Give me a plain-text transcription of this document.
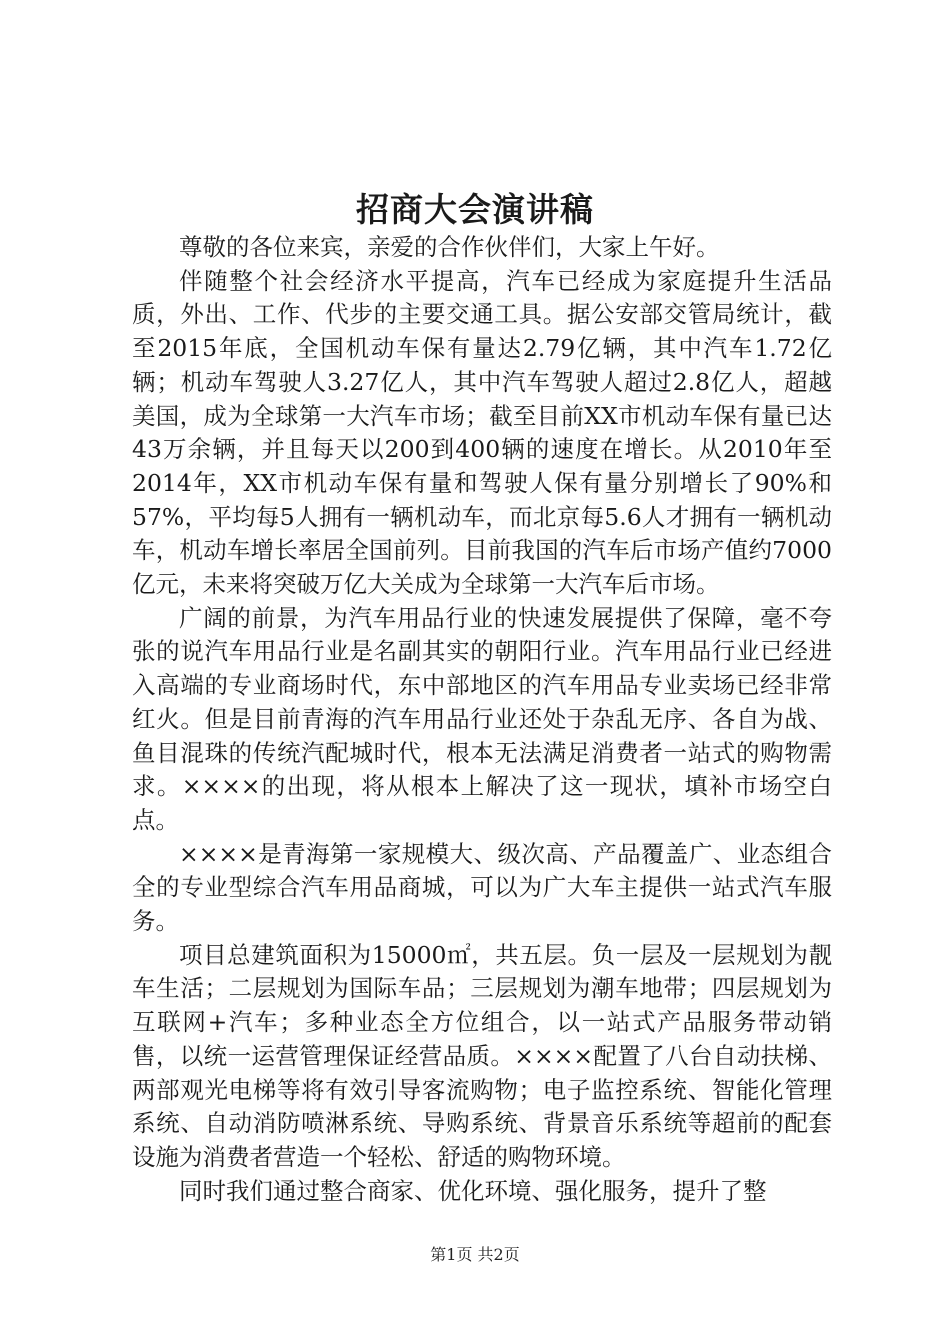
招商大会演讲稿

尊敬的各位来宾，亲爱的合作伙伴们，大家上午好。

伴随整个社会经济水平提高，汽车已经成为家庭提升生活品质，外出、工作、代步的主要交通工具。据公安部交管局统计，截至2015年底，全国机动车保有量达2.79亿辆，其中汽车1.72亿辆；机动车驾驶人3.27亿人，其中汽车驾驶人超过2.8亿人，超越美国，成为全球第一大汽车市场；截至目前XX市机动车保有量已达43万余辆，并且每天以200到400辆的速度在增长。从2010年至2014年，XX市机动车保有量和驾驶人保有量分别增长了90%和57%，平均每5人拥有一辆机动车，而北京每5.6人才拥有一辆机动车，机动车增长率居全国前列。目前我国的汽车后市场产值约7000亿元，未来将突破万亿大关成为全球第一大汽车后市场。

广阔的前景，为汽车用品行业的快速发展提供了保障，毫不夸张的说汽车用品行业是名副其实的朝阳行业。汽车用品行业已经进入高端的专业商场时代，东中部地区的汽车用品专业卖场已经非常红火。但是目前青海的汽车用品行业还处于杂乱无序、各自为战、鱼目混珠的传统汽配城时代，根本无法满足消费者一站式的购物需求。××××的出现，将从根本上解决了这一现状，填补市场空白点。

××××是青海第一家规模大、级次高、产品覆盖广、业态组合全的专业型综合汽车用品商城，可以为广大车主提供一站式汽车服务。

项目总建筑面积为15000㎡，共五层。负一层及一层规划为靓车生活；二层规划为国际车品；三层规划为潮车地带；四层规划为互联网+汽车；多种业态全方位组合，以一站式产品服务带动销售，以统一运营管理保证经营品质。××××配置了八台自动扶梯、两部观光电梯等将有效引导客流购物；电子监控系统、智能化管理系统、自动消防喷淋系统、导购系统、背景音乐系统等超前的配套设施为消费者营造一个轻松、舒适的购物环境。

同时我们通过整合商家、优化环境、强化服务，提升了整

第1页 共2页
